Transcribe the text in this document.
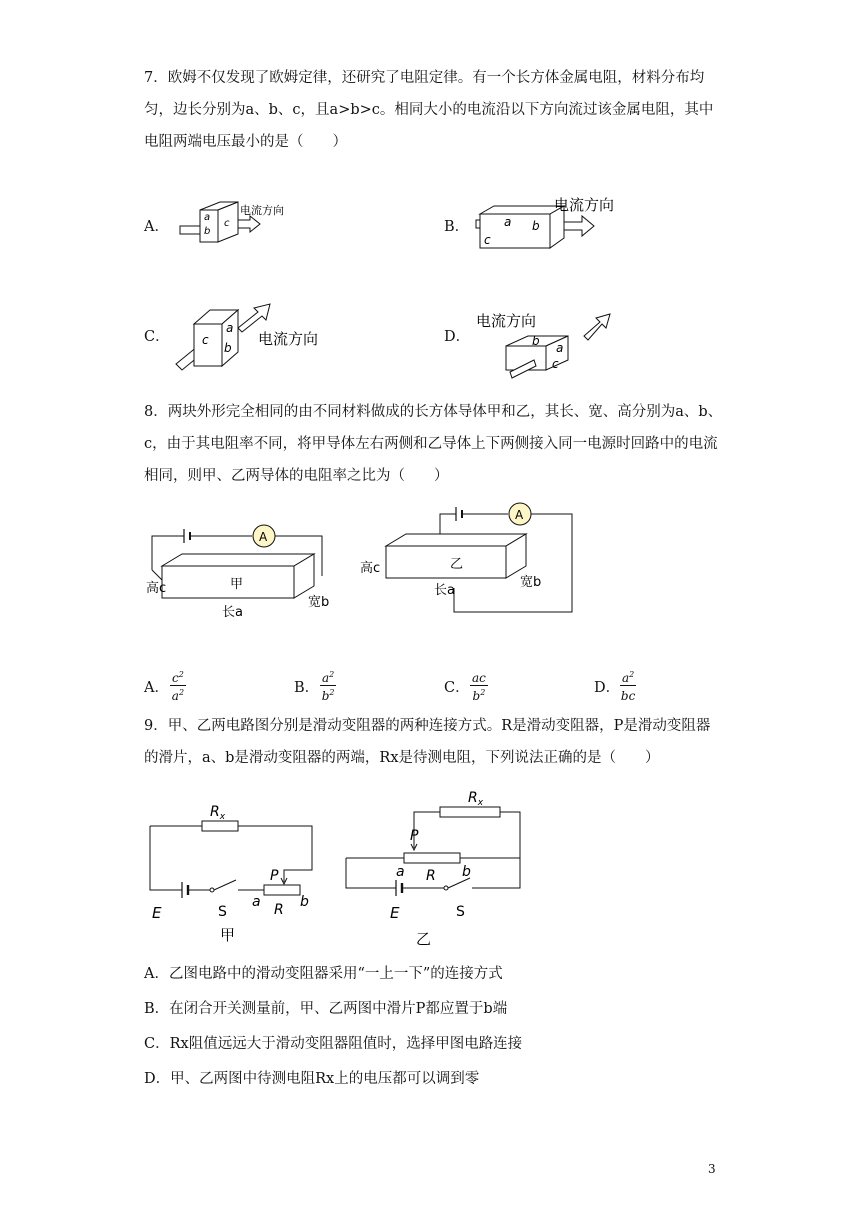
7．欧姆不仅发现了欧姆定律，还研究了电阻定律。有一个长方体金属电阻，材料分布均匀，边长分别为a、b、c，且a>b>c。相同大小的电流沿以下方向流过该金属电阻，其中电阻两端电压最小的是（　　）

A．
a
b
c
电流方向
B．	a b
c
电流方向
C．	c
a
b 电流方向	D．	b a
c
电流方向

8．两块外形完全相同的由不同材料做成的长方体导体甲和乙，其长、宽、高分别为a、b、c，由于其电阻率不同，将甲导体左右两侧和乙导体上下两侧接入同一电源时回路中的电流相同，则甲、乙两导体的电阻率之比为（　　）

A
甲
高c
长a
宽b
A
乙
高c
长a
宽b
A． $\frac{c^2}{a^2}$	B． $\frac{a^2}{b^2}$	C． $\frac{ac}{b^2}$	D． $\frac{a^2}{bc}$

9．甲、乙两电路图分别是滑动变阻器的两种连接方式。R是滑动变阻器，P是滑动变阻器的滑片，a、b是滑动变阻器的两端，Rx是待测电阻，下列说法正确的是（　　）

$R_x$
E	S
P
a R b
甲
$R_x$
P
a R b
E	S
乙
A．乙图电路中的滑动变阻器采用“一上一下”的连接方式
B．在闭合开关测量前，甲、乙两图中滑片P都应置于b端
C．Rx阻值远远大于滑动变阻器阻值时，选择甲图电路连接
D．甲、乙两图中待测电阻Rx上的电压都可以调到零
3
